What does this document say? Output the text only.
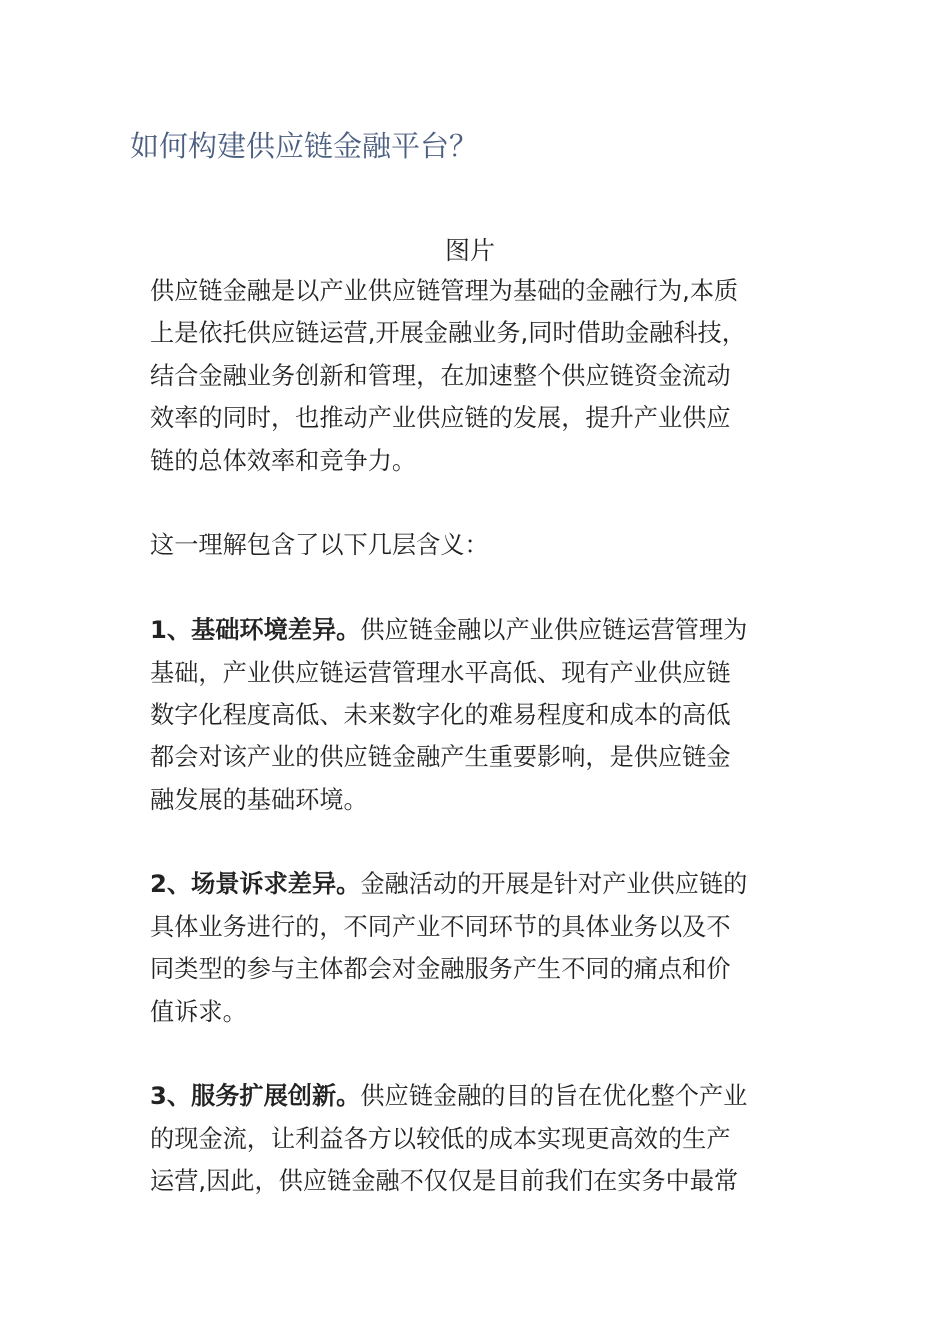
如何构建供应链金融平台？
图片
供应链金融是以产业供应链管理为基础的金融行为,本质
上是依托供应链运营,开展金融业务,同时借助金融科技，
结合金融业务创新和管理，在加速整个供应链资金流动
效率的同时，也推动产业供应链的发展，提升产业供应
链的总体效率和竞争力。
这一理解包含了以下几层含义：
1、基础环境差异。供应链金融以产业供应链运营管理为
基础，产业供应链运营管理水平高低、现有产业供应链
数字化程度高低、未来数字化的难易程度和成本的高低
都会对该产业的供应链金融产生重要影响，是供应链金
融发展的基础环境。
2、场景诉求差异。金融活动的开展是针对产业供应链的
具体业务进行的，不同产业不同环节的具体业务以及不
同类型的参与主体都会对金融服务产生不同的痛点和价
值诉求。
3、服务扩展创新。供应链金融的目的旨在优化整个产业
的现金流，让利益各方以较低的成本实现更高效的生产
运营,因此，供应链金融不仅仅是目前我们在实务中最常
